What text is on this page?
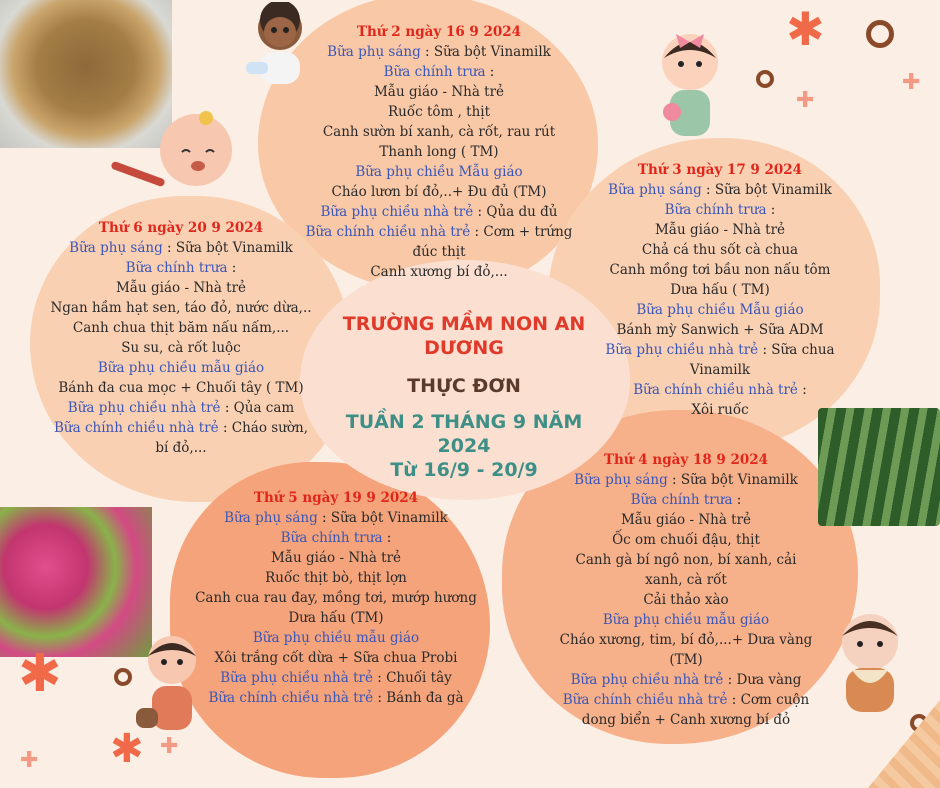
✱
✚
✚
✱
✱
✚
✚
TRƯỜNG MẦM NON AN DƯƠNG
THỰC ĐƠN
TUẦN 2 THÁNG 9 NĂM 2024
Từ 16/9 - 20/9
Thứ 2 ngày 16 9 2024
Bữa phụ sáng : Sữa bột Vinamilk
Bữa chính trưa :
Mẫu giáo - Nhà trẻ
Ruốc tôm , thịt
Canh sườn bí xanh, cà rốt, rau rút
Thanh long ( TM)
Bữa phụ chiều Mẫu giáo
Cháo lươn bí đỏ,..+ Đu đủ (TM)
Bữa phụ chiều nhà trẻ : Qủa du đủ
Bữa chính chiều nhà trẻ : Cơm + trứng đúc thịt
Canh xương bí đỏ,...
Thứ 3 ngày 17 9 2024
Bữa phụ sáng : Sữa bột Vinamilk
Bữa chính trưa :
Mẫu giáo - Nhà trẻ
Chả cá thu sốt cà chua
Canh mồng tơi bầu non nấu tôm
Dưa hấu ( TM)
Bữa phụ chiều Mẫu giáo
Bánh mỳ Sanwich + Sữa ADM
Bữa phụ chiều nhà trẻ : Sữa chua Vinamilk
Bữa chính chiều nhà trẻ :
Xôi ruốc
Thứ 6 ngày 20 9 2024
Bữa phụ sáng : Sữa bột Vinamilk
Bữa chính trưa :
Mẫu giáo - Nhà trẻ
Ngan hầm hạt sen, táo đỏ, nước dừa,..
Canh chua thịt băm nấu nấm,...
Su su, cà rốt luộc
Bữa phụ chiều mẫu giáo
Bánh đa cua mọc + Chuối tây ( TM)
Bữa phụ chiều nhà trẻ : Qủa cam
Bữa chính chiều nhà trẻ : Cháo sườn, bí đỏ,...
Thứ 5 ngày 19 9 2024
Bữa phụ sáng : Sữa bột Vinamilk
Bữa chính trưa :
Mẫu giáo - Nhà trẻ
Ruốc thịt bò, thịt lợn
Canh cua rau đay, mồng tơi, mướp hương
Dưa hấu (TM)
Bữa phụ chiều mẫu giáo
Xôi trắng cốt dừa + Sữa chua Probi
Bữa phụ chiều nhà trẻ : Chuối tây
Bữa chính chiều nhà trẻ : Bánh đa gà
Thứ 4 ngày 18 9 2024
Bữa phụ sáng : Sữa bột Vinamilk
Bữa chính trưa :
Mẫu giáo - Nhà trẻ
Ốc om chuối đậu, thịt
Canh gà bí ngô non, bí xanh, cải xanh, cà rốt
Cải thảo xào
Bữa phụ chiều mẫu giáo
Cháo xương, tim, bí đỏ,...+ Dưa vàng (TM)
Bữa phụ chiều nhà trẻ : Dưa vàng
Bữa chính chiều nhà trẻ : Cơm cuộn dong biển + Canh xương bí đỏ
